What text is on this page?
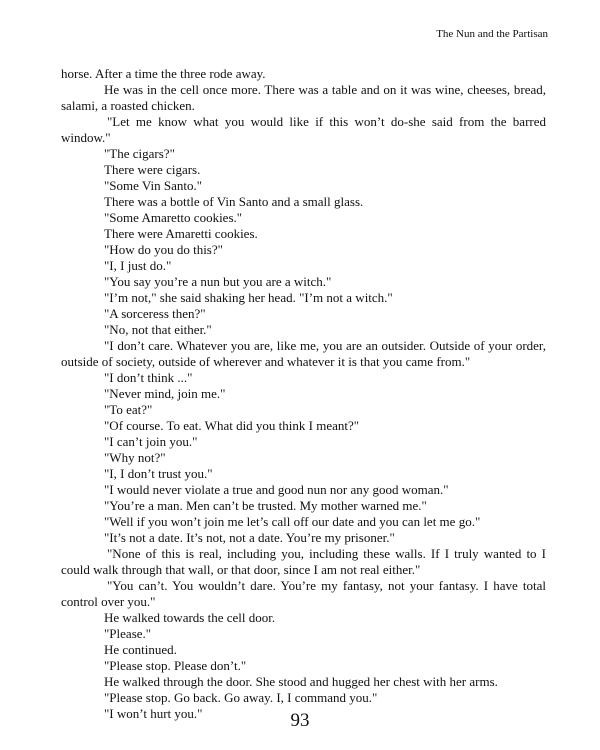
The Nun and the Partisan

horse. After a time the three rode away.

He was in the cell once more. There was a table and on it was wine, cheeses, bread, salami, a roasted chicken.

"Let me know what you would like if this won’t do-she said from the barred window."

"The cigars?"

There were cigars.

"Some Vin Santo."

There was a bottle of Vin Santo and a small glass.

"Some Amaretto cookies."

There were Amaretti cookies.

"How do you do this?"

"I, I just do."

"You say you’re a nun but you are a witch."

"I’m not," she said shaking her head. "I’m not a witch."

"A sorceress then?"

"No, not that either."

"I don’t care. Whatever you are, like me, you are an outsider. Outside of your order, outside of society, outside of wherever and whatever it is that you came from."

"I don’t think ..."

"Never mind, join me."

"To eat?"

"Of course. To eat. What did you think I meant?"

"I can’t join you."

"Why not?"

"I, I don’t trust you."

"I would never violate a true and good nun nor any good woman."

"You’re a man. Men can’t be trusted. My mother warned me."

"Well if you won’t join me let’s call off our date and you can let me go."

"It’s not a date. It’s not, not a date. You’re my prisoner."

"None of this is real, including you, including these walls. If I truly wanted to I could walk through that wall, or that door, since I am not real either."

"You can’t. You wouldn’t dare. You’re my fantasy, not your fantasy. I have total control over you."

He walked towards the cell door.

"Please."

He continued.

"Please stop. Please don’t."

He walked through the door. She stood and hugged her chest with her arms.

"Please stop. Go back. Go away. I, I command you."

"I won’t hurt you."	93
